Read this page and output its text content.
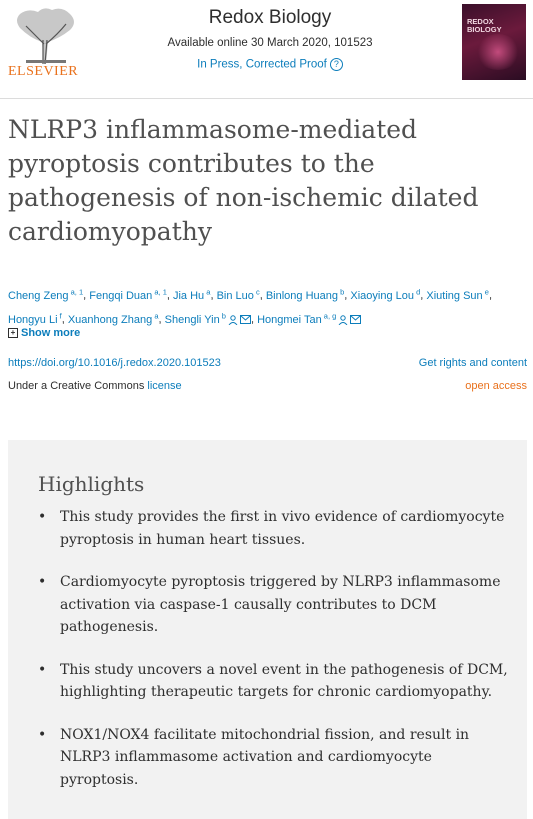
ELSEVIER
Redox Biology
Available online 30 March 2020, 101523
In Press, Corrected Proof ?
REDOX BIOLOGY
NLRP3 inflammasome-mediated pyroptosis contributes to the pathogenesis of non-ischemic dilated cardiomyopathy
Cheng Zeng $^{a, 1}$, Fengqi Duan $^{a, 1}$, Jia Hu $^a$, Bin Luo $^c$, Binlong Huang $^b$, Xiaoying Lou $^d$, Xiuting Sun $^e$, Hongyu Li $^f$, Xuanhong Zhang $^a$, Shengli Yin $^b$ , Hongmei Tan $^{a, g}$
+ Show more
https://doi.org/10.1016/j.redox.2020.101523	Get rights and content
Under a Creative Commons license	open access
Highlights
• This study provides the first in vivo evidence of cardiomyocyte pyroptosis in human heart tissues.
• Cardiomyocyte pyroptosis triggered by NLRP3 inflammasome activation via caspase-1 causally contributes to DCM pathogenesis.
• This study uncovers a novel event in the pathogenesis of DCM, highlighting therapeutic targets for chronic cardiomyopathy.
• NOX1/NOX4 facilitate mitochondrial fission, and result in NLRP3 inflammasome activation and cardiomyocyte pyroptosis.
